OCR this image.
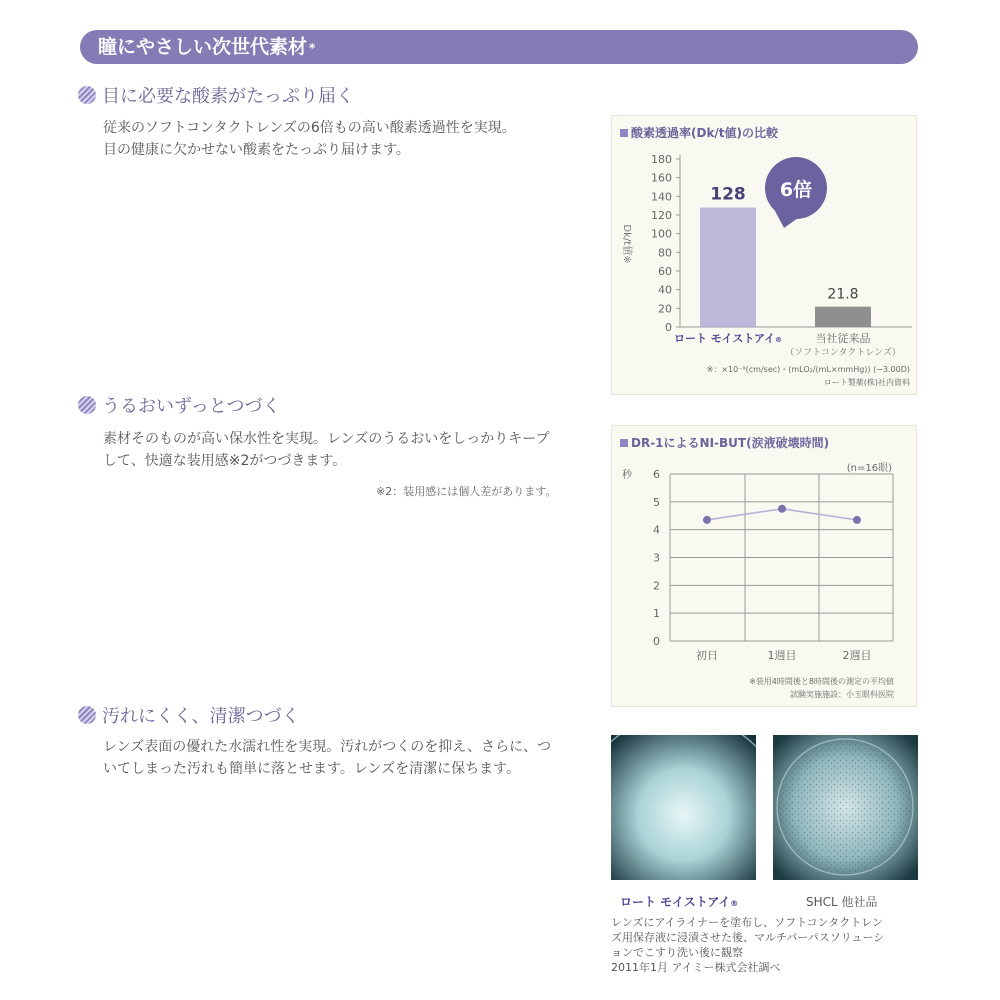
瞳にやさしい次世代素材 *
目に必要な酸素がたっぷり届く
従来のソフトコンタクトレンズの6倍もの高い酸素透過性を実現。
目の健康に欠かせない酸素をたっぷり届けます。
酸素透過率(Dk/t値)の比較
0
20
40
60
80
100
120
140
160
180
Dk/t値※
128
ロート モイストアイ®
21.8
当社従来品
（ソフトコンタクトレンズ）
6倍
※：×10⁻⁹(cm/sec)・(mLO₂/(mL×mmHg)) (−3.00D)
ロート製薬(株)社内資料
うるおいずっとつづく
素材そのものが高い保水性を実現。レンズのうるおいをしっかりキープ
して、快適な装用感※2がつづきます。
※2：装用感には個人差があります。
DR-1によるNI-BUT(涙液破壊時間)
(n=16眼)
秒
0
1
2
3
4
5
6
初日	1週目	2週目
※装用4時間後と8時間後の測定の平均値
試験実施施設：小玉眼科医院
汚れにくく、清潔つづく
レンズ表面の優れた水濡れ性を実現。汚れがつくのを抑え、さらに、つ
いてしまった汚れも簡単に落とせます。レンズを清潔に保ちます。
ロート モイストアイ®	SHCL 他社品
レンズにアイライナーを塗布し、ソフトコンタクトレン
ズ用保存液に浸漬させた後、マルチパーパスソリューシ
ョンでこすり洗い後に観察
2011年1月 アイミー株式会社調べ
